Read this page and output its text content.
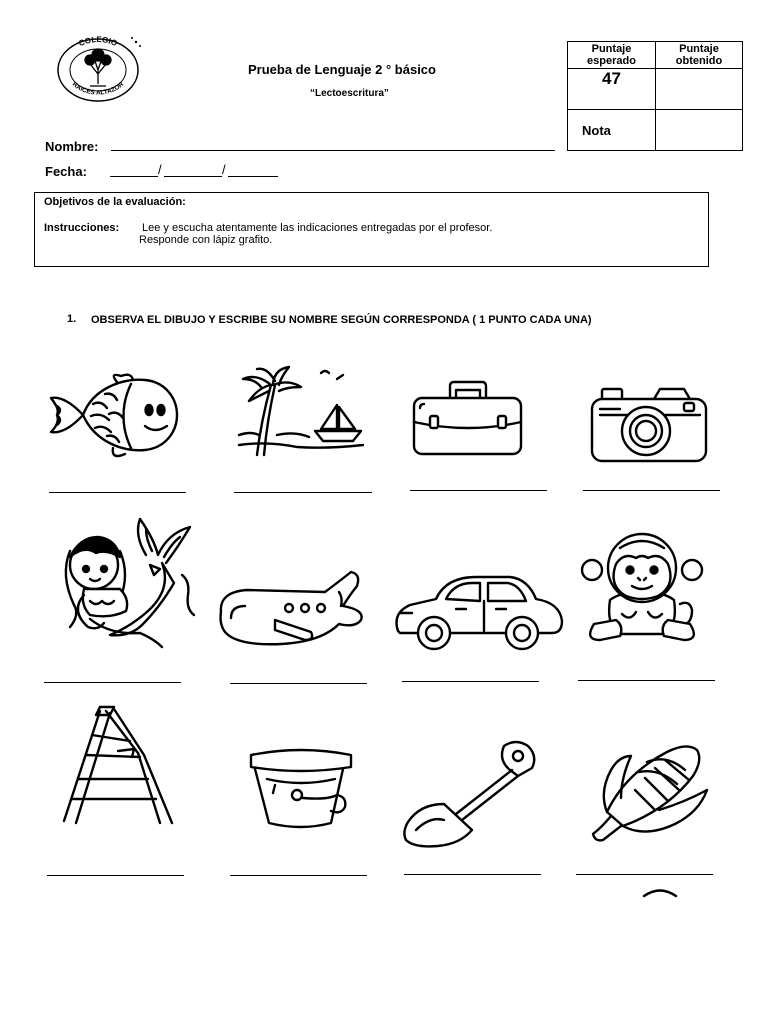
COLEGIO
RAICES ALTAZOR
Prueba de Lenguaje 2 ° básico
“Lectoescritura”
Puntaje esperado	Puntaje obtenido
47	
Nota	
Nombre:
Fecha:	/	/
Objetivos de la evaluación:
Instrucciones: Lee y escucha atentamente las indicaciones entregadas por el profesor.
Responde con lápiz grafito.
1. OBSERVA EL DIBUJO Y ESCRIBE SU NOMBRE SEGÚN CORRESPONDA ( 1 PUNTO CADA UNA)
